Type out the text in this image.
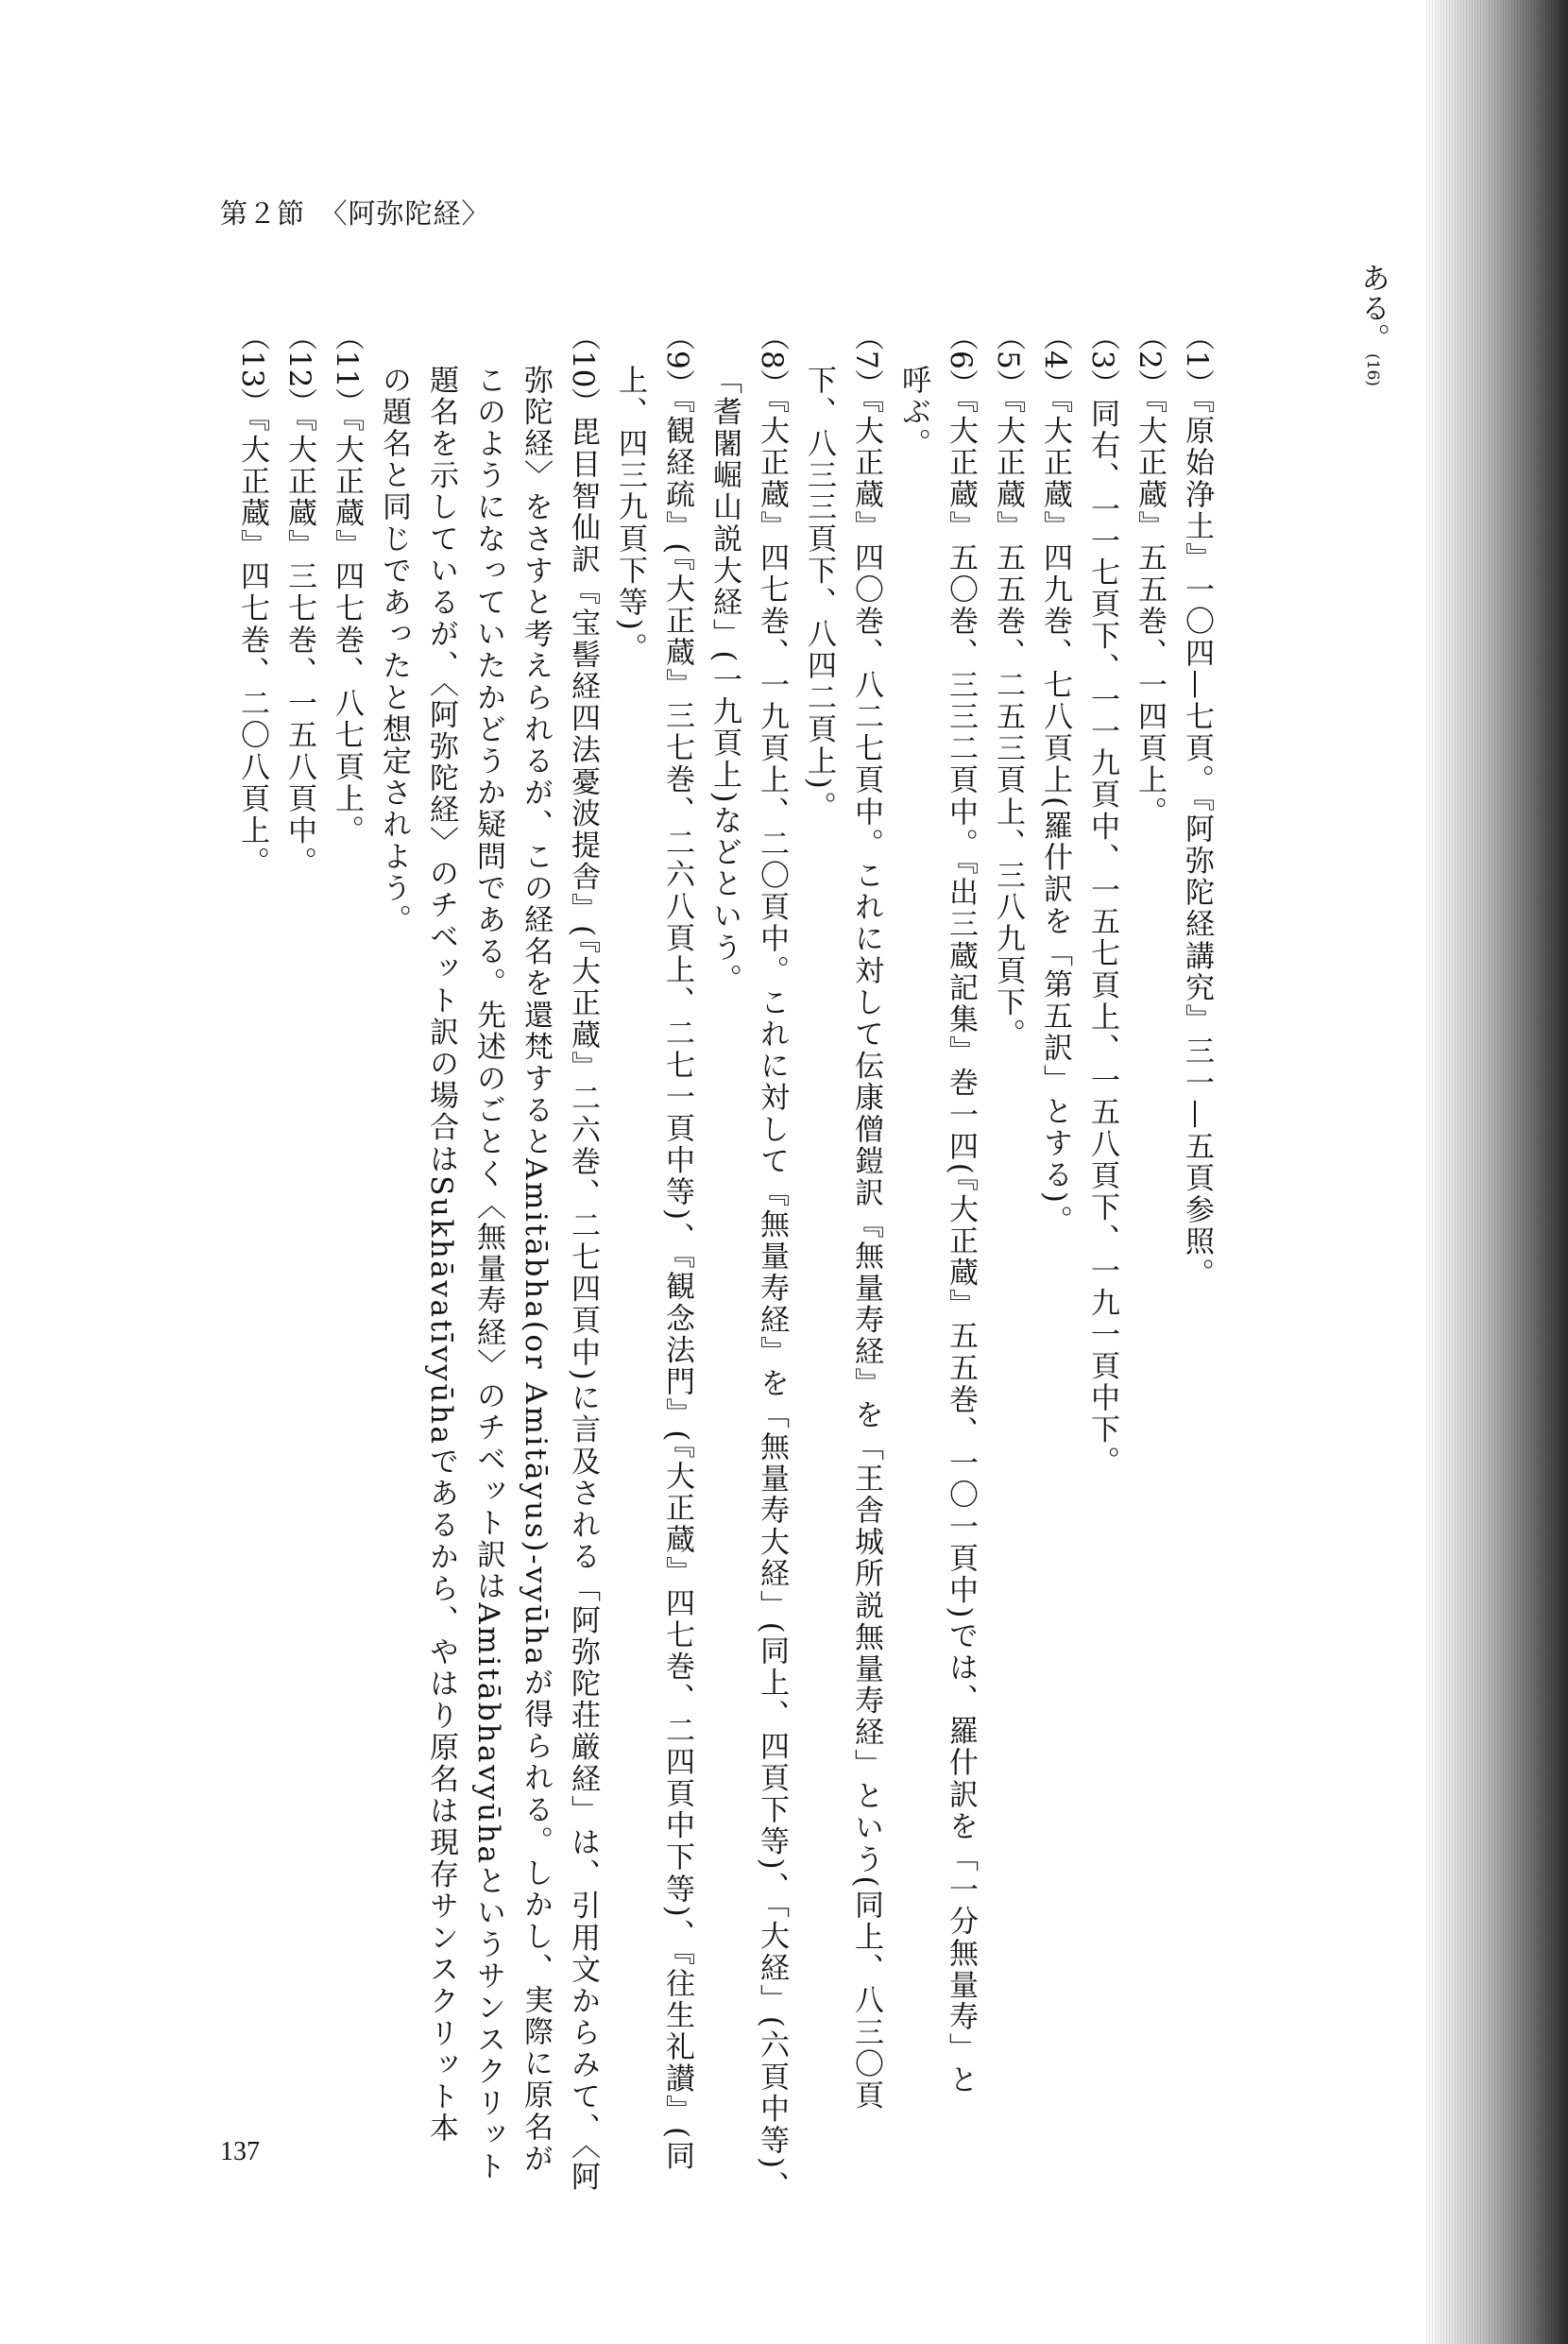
第２節　〈阿弥陀経〉
ある。(16)
（1）『原始浄土』一〇四—七頁。『阿弥陀経講究』三一—五頁参照。
（2）『大正蔵』五五巻、一四頁上。
（3）同右、一一七頁下、一一九頁中、一五七頁上、一五八頁下、一九一頁中下。
（4）『大正蔵』四九巻、七八頁上(羅什訳を「第五訳」とする)。
（5）『大正蔵』五五巻、二五三頁上、三八九頁下。
（6）『大正蔵』五〇巻、三三二頁中。『出三蔵記集』巻一四(『大正蔵』五五巻、一〇一頁中)では、羅什訳を「一分無量寿」と
呼ぶ。
（7）『大正蔵』四〇巻、八二七頁中。これに対して伝康僧鎧訳『無量寿経』を「王舎城所説無量寿経」という(同上、八三〇頁
下、八三三頁下、八四二頁上)。
（8）『大正蔵』四七巻、一九頁上、二〇頁中。これに対して『無量寿経』を「無量寿大経」(同上、四頁下等)、「大経」(六頁中等)、
「耆闍崛山説大経」(一九頁上)などという。
（9）『観経疏』(『大正蔵』三七巻、二六八頁上、二七一頁中等)、『観念法門』(『大正蔵』四七巻、二四頁中下等)、『往生礼讃』(同
上、四三九頁下等)。
（10）毘目智仙訳『宝髻経四法憂波提舎』(『大正蔵』二六巻、二七四頁中)に言及される「阿弥陀荘厳経」は、引用文からみて、〈阿
弥陀経〉をさすと考えられるが、この経名を還梵するとAmitābha(or Amitāyus)-vyūhaが得られる。しかし、実際に原名が
このようになっていたかどうか疑問である。先述のごとく〈無量寿経〉のチベット訳はAmitābhavyūhaというサンスクリット
題名を示しているが、〈阿弥陀経〉のチベット訳の場合はSukhāvatīvyūhaであるから、やはり原名は現存サンスクリット本
の題名と同じであったと想定されよう。
（11）『大正蔵』四七巻、八七頁上。
（12）『大正蔵』三七巻、一五八頁中。
（13）『大正蔵』四七巻、二〇八頁上。
137
